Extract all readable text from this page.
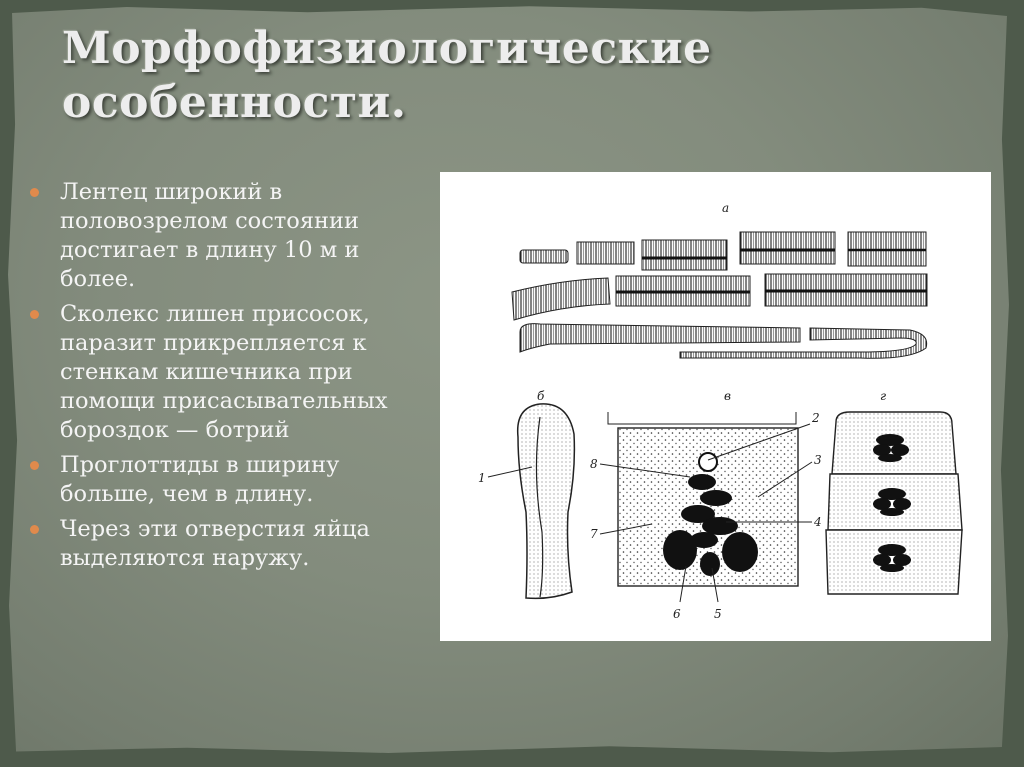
Морфофизиологические
особенности.
Лентец широкий в половозрелом состоянии достигает в длину 10 м и более.
Сколекс лишен присосок, паразит прикрепляется к стенкам кишечника при помощи присасывательных бороздок — ботрий
Проглоттиды в ширину больше, чем в длину.
Через эти отверстия яйца выделяются наружу.
а
б
1
в
2
3
4
5
6
7
8
г
